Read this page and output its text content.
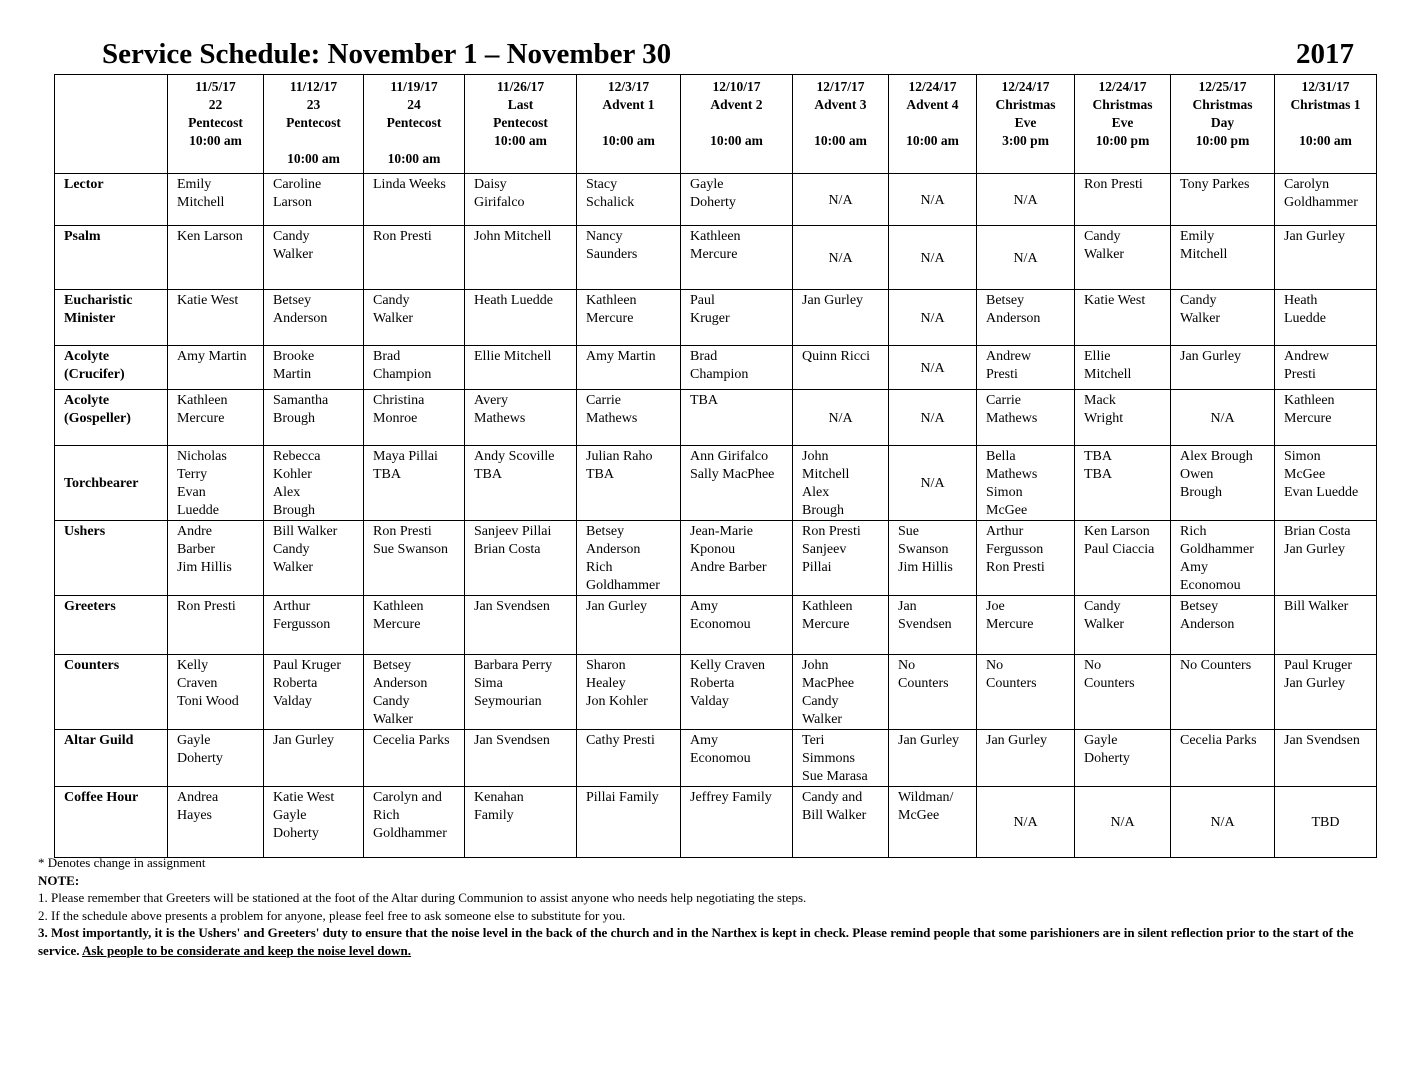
Service Schedule: November 1 – November 30	2017

	11/5/17
22
Pentecost
10:00 am	11/12/17
23
Pentecost

10:00 am	11/19/17
24
Pentecost

10:00 am	11/26/17
Last
Pentecost
10:00 am	12/3/17
Advent 1

10:00 am	12/10/17
Advent 2

10:00 am	12/17/17
Advent 3

10:00 am	12/24/17
Advent 4

10:00 am	12/24/17
Christmas
Eve
3:00 pm	12/24/17
Christmas
Eve
10:00 pm	12/25/17
Christmas
Day
10:00 pm	12/31/17
Christmas 1

10:00 am

Lector	Emily
Mitchell	Caroline
Larson	Linda Weeks	Daisy
Girifalco	Stacy
Schalick	Gayle
Doherty	N/A	N/A	N/A	Ron Presti	Tony Parkes	Carolyn
Goldhammer

Psalm	Ken Larson	Candy
Walker	Ron Presti	John Mitchell	Nancy
Saunders	Kathleen
Mercure	N/A	N/A	N/A	Candy
Walker	Emily
Mitchell	Jan Gurley

Eucharistic
Minister	Katie West	Betsey
Anderson	Candy
Walker	Heath Luedde	Kathleen
Mercure	Paul
Kruger	Jan Gurley	N/A	Betsey
Anderson	Katie West	Candy
Walker	Heath
Luedde

Acolyte
(Crucifer)	Amy Martin	Brooke
Martin	Brad
Champion	Ellie Mitchell	Amy Martin	Brad
Champion	Quinn Ricci	N/A	Andrew
Presti	Ellie
Mitchell	Jan Gurley	Andrew
Presti

Acolyte
(Gospeller)	Kathleen
Mercure	Samantha
Brough	Christina
Monroe	Avery
Mathews	Carrie
Mathews	TBA	N/A	N/A	Carrie
Mathews	Mack
Wright	N/A	Kathleen
Mercure

Torchbearer	Nicholas
Terry
Evan
Luedde	Rebecca
Kohler
Alex
Brough	Maya Pillai
TBA	Andy Scoville
TBA	Julian Raho
TBA	Ann Girifalco
Sally MacPhee	John
Mitchell
Alex
Brough	N/A	Bella
Mathews
Simon
McGee	TBA
TBA	Alex Brough
Owen
Brough	Simon
McGee
Evan Luedde

Ushers	Andre
Barber
Jim Hillis	Bill Walker
Candy
Walker	Ron Presti
Sue Swanson	Sanjeev Pillai
Brian Costa	Betsey
Anderson
Rich
Goldhammer	Jean-Marie
Kponou
Andre Barber	Ron Presti
Sanjeev
Pillai	Sue
Swanson
Jim Hillis	Arthur
Fergusson
Ron Presti	Ken Larson
Paul Ciaccia	Rich
Goldhammer
Amy
Economou	Brian Costa
Jan Gurley

Greeters	Ron Presti	Arthur
Fergusson	Kathleen
Mercure	Jan Svendsen	Jan Gurley	Amy
Economou	Kathleen
Mercure	Jan
Svendsen	Joe
Mercure	Candy
Walker	Betsey
Anderson	Bill Walker

Counters	Kelly
Craven
Toni Wood	Paul Kruger
Roberta
Valday	Betsey
Anderson
Candy
Walker	Barbara Perry
Sima
Seymourian	Sharon
Healey
Jon Kohler	Kelly Craven
Roberta
Valday	John
MacPhee
Candy
Walker	No
Counters	No
Counters	No
Counters	No Counters	Paul Kruger
Jan Gurley

Altar Guild	Gayle
Doherty	Jan Gurley	Cecelia Parks	Jan Svendsen	Cathy Presti	Amy
Economou	Teri
Simmons
Sue Marasa	Jan Gurley	Jan Gurley	Gayle
Doherty	Cecelia Parks	Jan Svendsen

Coffee Hour	Andrea
Hayes	Katie West
Gayle
Doherty	Carolyn and
Rich
Goldhammer	Kenahan
Family	Pillai Family	Jeffrey Family	Candy and
Bill Walker	Wildman/
McGee	N/A	N/A	N/A	TBD
* Denotes change in assignment
NOTE:
1. Please remember that Greeters will be stationed at the foot of the Altar during Communion to assist anyone who needs help negotiating the steps.
2. If the schedule above presents a problem for anyone, please feel free to ask someone else to substitute for you.
3. Most importantly, it is the Ushers' and Greeters' duty to ensure that the noise level in the back of the church and in the Narthex is kept in check. Please remind people that some parishioners are in silent reflection prior to the start of the service. Ask people to be considerate and keep the noise level down.
